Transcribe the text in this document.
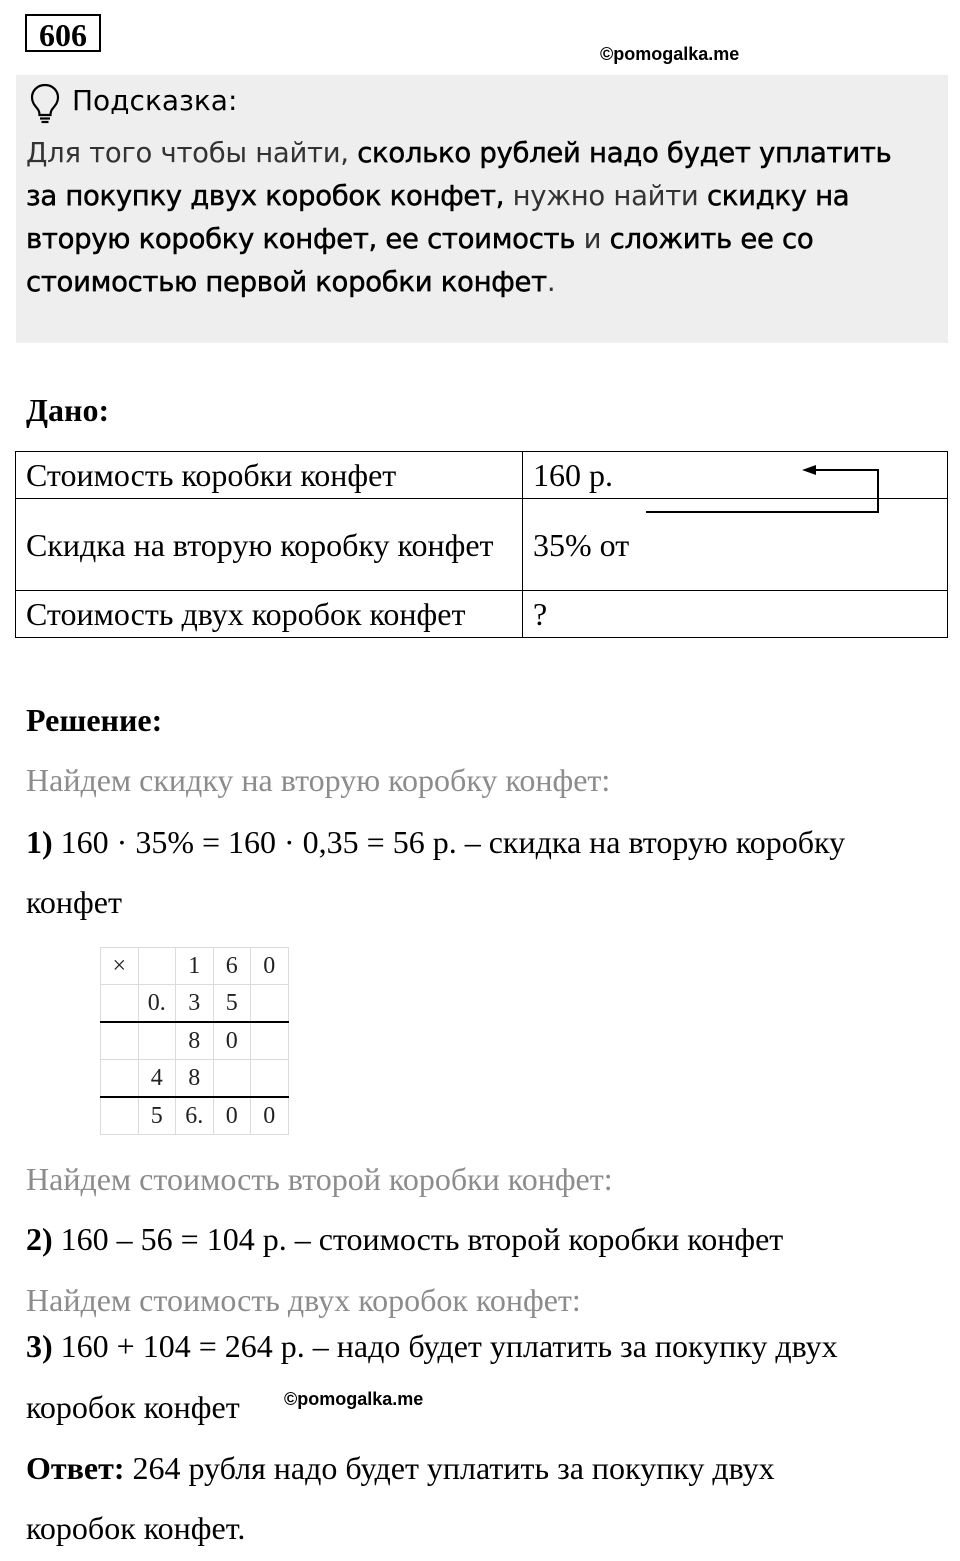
606
©pomogalka.me
Подсказка:
Для того чтобы найти, сколько рублей надо будет уплатить за покупку двух коробок конфет, нужно найти скидку на вторую коробку конфет, ее стоимость и сложить ее со стоимостью первой коробки конфет.
Дано:
Стоимость коробки конфет	160 р.
Скидка на вторую коробку конфет	35% от
Стоимость двух коробок конфет	?
Решение:
Найдем скидку на вторую коробку конфет:
1) 160 · 35% = 160 · 0,35 = 56 р. – скидка на вторую коробку
конфет
×		1	6	0
	0.	3	5	
		8	0	
	4	8		
	5	6.	0	0
Найдем стоимость второй коробки конфет:
2) 160 – 56 = 104 р. – стоимость второй коробки конфет
Найдем стоимость двух коробок конфет:
3) 160 + 104 = 264 р. – надо будет уплатить за покупку двух
коробок конфет ©pomogalka.me
Ответ: 264 рубля надо будет уплатить за покупку двух
коробок конфет.
